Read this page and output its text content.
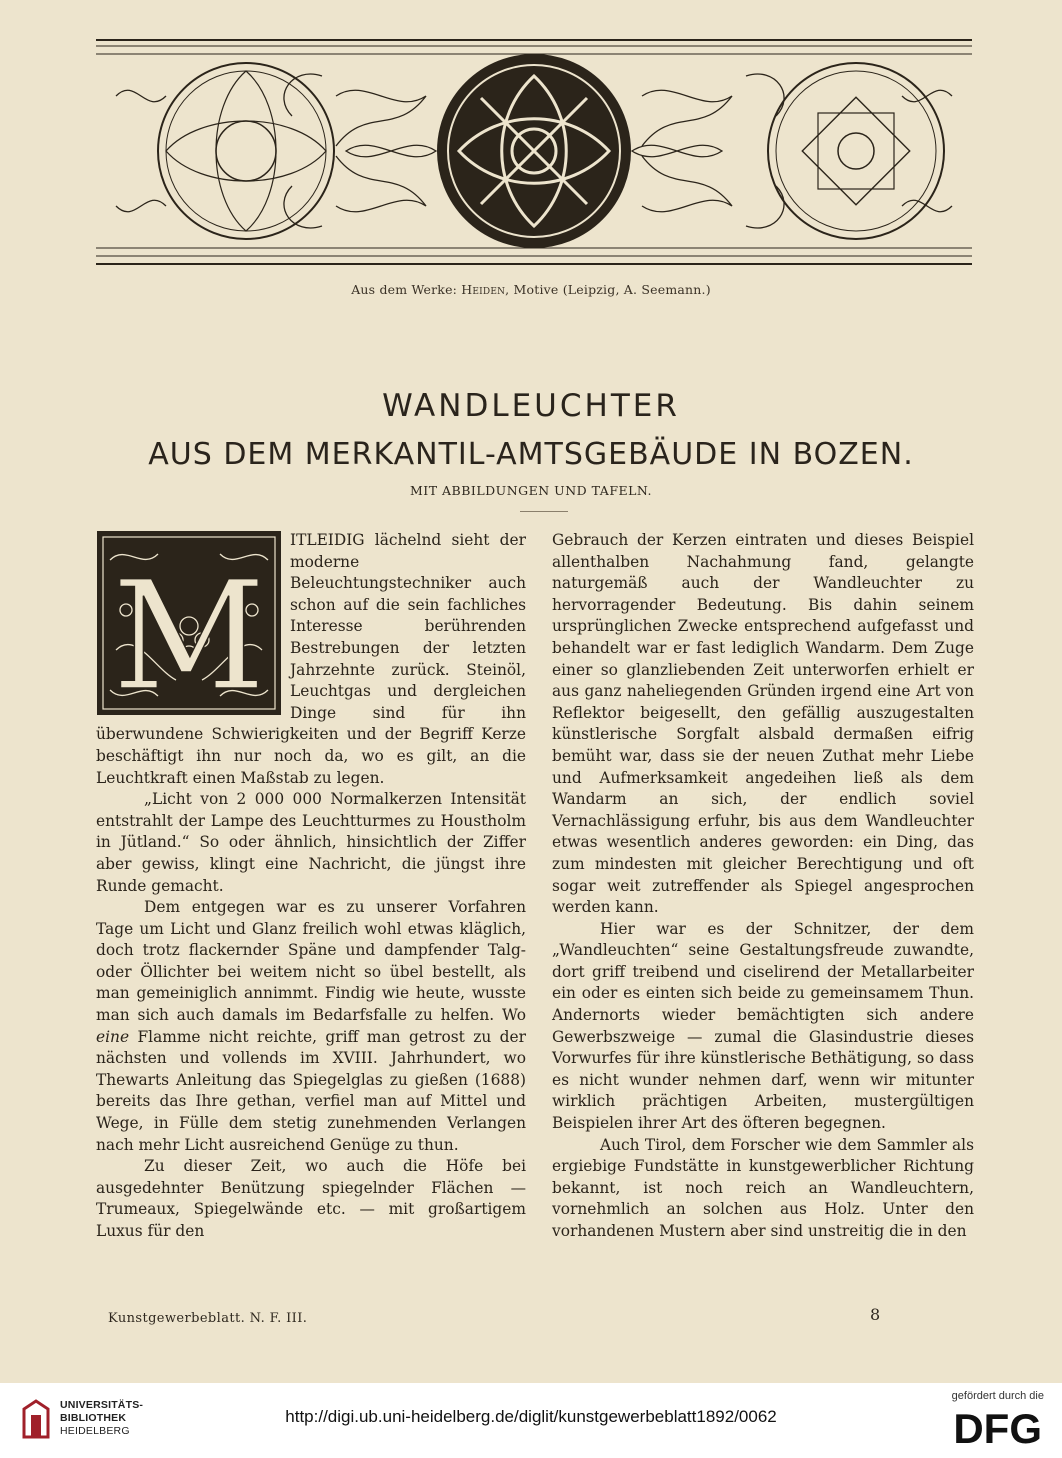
Aus dem Werke: Heiden, Motive (Leipzig, A. Seemann.)
WANDLEUCHTER
AUS DEM MERKANTIL-AMTSGEBÄUDE IN BOZEN.
MIT ABBILDUNGEN UND TAFELN.
M

ITLEIDIG lächelnd sieht der moderne Beleuchtungstechniker auch schon auf die sein fachliches Interesse berührenden Bestrebungen der letzten Jahrzehnte zurück. Steinöl, Leuchtgas und dergleichen Dinge sind für ihn überwundene Schwierigkeiten und der Begriff Kerze beschäftigt ihn nur noch da, wo es gilt, an die Leuchtkraft einen Maßstab zu legen.

„Licht von 2 000 000 Normalkerzen Intensität entstrahlt der Lampe des Leuchtturmes zu Houstholm in Jütland.“ So oder ähnlich, hinsichtlich der Ziffer aber gewiss, klingt eine Nachricht, die jüngst ihre Runde gemacht.

Dem entgegen war es zu unserer Vorfahren Tage um Licht und Glanz freilich wohl etwas kläglich, doch trotz flackernder Späne und dampfender Talg- oder Öllichter bei weitem nicht so übel bestellt, als man gemeiniglich annimmt. Findig wie heute, wusste man sich auch damals im Bedarfsfalle zu helfen. Wo eine Flamme nicht reichte, griff man getrost zu der nächsten und vollends im XVIII. Jahrhundert, wo Thewarts Anleitung das Spiegelglas zu gießen (1688) bereits das Ihre gethan, verfiel man auf Mittel und Wege, in Fülle dem stetig zunehmenden Verlangen nach mehr Licht ausreichend Genüge zu thun.

Zu dieser Zeit, wo auch die Höfe bei ausgedehnter Benützung spiegelnder Flächen — Trumeaux, Spiegelwände etc. — mit großartigem Luxus für den

Gebrauch der Kerzen eintraten und dieses Beispiel allenthalben Nachahmung fand, gelangte naturgemäß auch der Wandleuchter zu hervorragender Bedeutung. Bis dahin seinem ursprünglichen Zwecke entsprechend aufgefasst und behandelt war er fast lediglich Wandarm. Dem Zuge einer so glanzliebenden Zeit unterworfen erhielt er aus ganz naheliegenden Gründen irgend eine Art von Reflektor beigesellt, den gefällig auszugestalten künstlerische Sorgfalt alsbald dermaßen eifrig bemüht war, dass sie der neuen Zuthat mehr Liebe und Aufmerksamkeit angedeihen ließ als dem Wandarm an sich, der endlich soviel Vernachlässigung erfuhr, bis aus dem Wandleuchter etwas wesentlich anderes geworden: ein Ding, das zum mindesten mit gleicher Berechtigung und oft sogar weit zutreffender als Spiegel angesprochen werden kann.

Hier war es der Schnitzer, der dem „Wandleuchten“ seine Gestaltungsfreude zuwandte, dort griff treibend und ciselirend der Metallarbeiter ein oder es einten sich beide zu gemeinsamem Thun. Andernorts wieder bemächtigten sich andere Gewerbszweige — zumal die Glasindustrie dieses Vorwurfes für ihre künstlerische Bethätigung, so dass es nicht wunder nehmen darf, wenn wir mitunter wirklich prächtigen Arbeiten, mustergültigen Beispielen ihrer Art des öfteren begegnen.

Auch Tirol, dem Forscher wie dem Sammler als ergiebige Fundstätte in kunstgewerblicher Richtung bekannt, ist noch reich an Wandleuchtern, vornehmlich an solchen aus Holz. Unter den vorhandenen Mustern aber sind unstreitig die in den

Kunstgewerbeblatt. N. F. III.	8
UNIVERSITÄTS-
BIBLIOTHEK
HEIDELBERG
http://digi.ub.uni-heidelberg.de/diglit/kunstgewerbeblatt1892/0062
gefördert durch die
DFG
